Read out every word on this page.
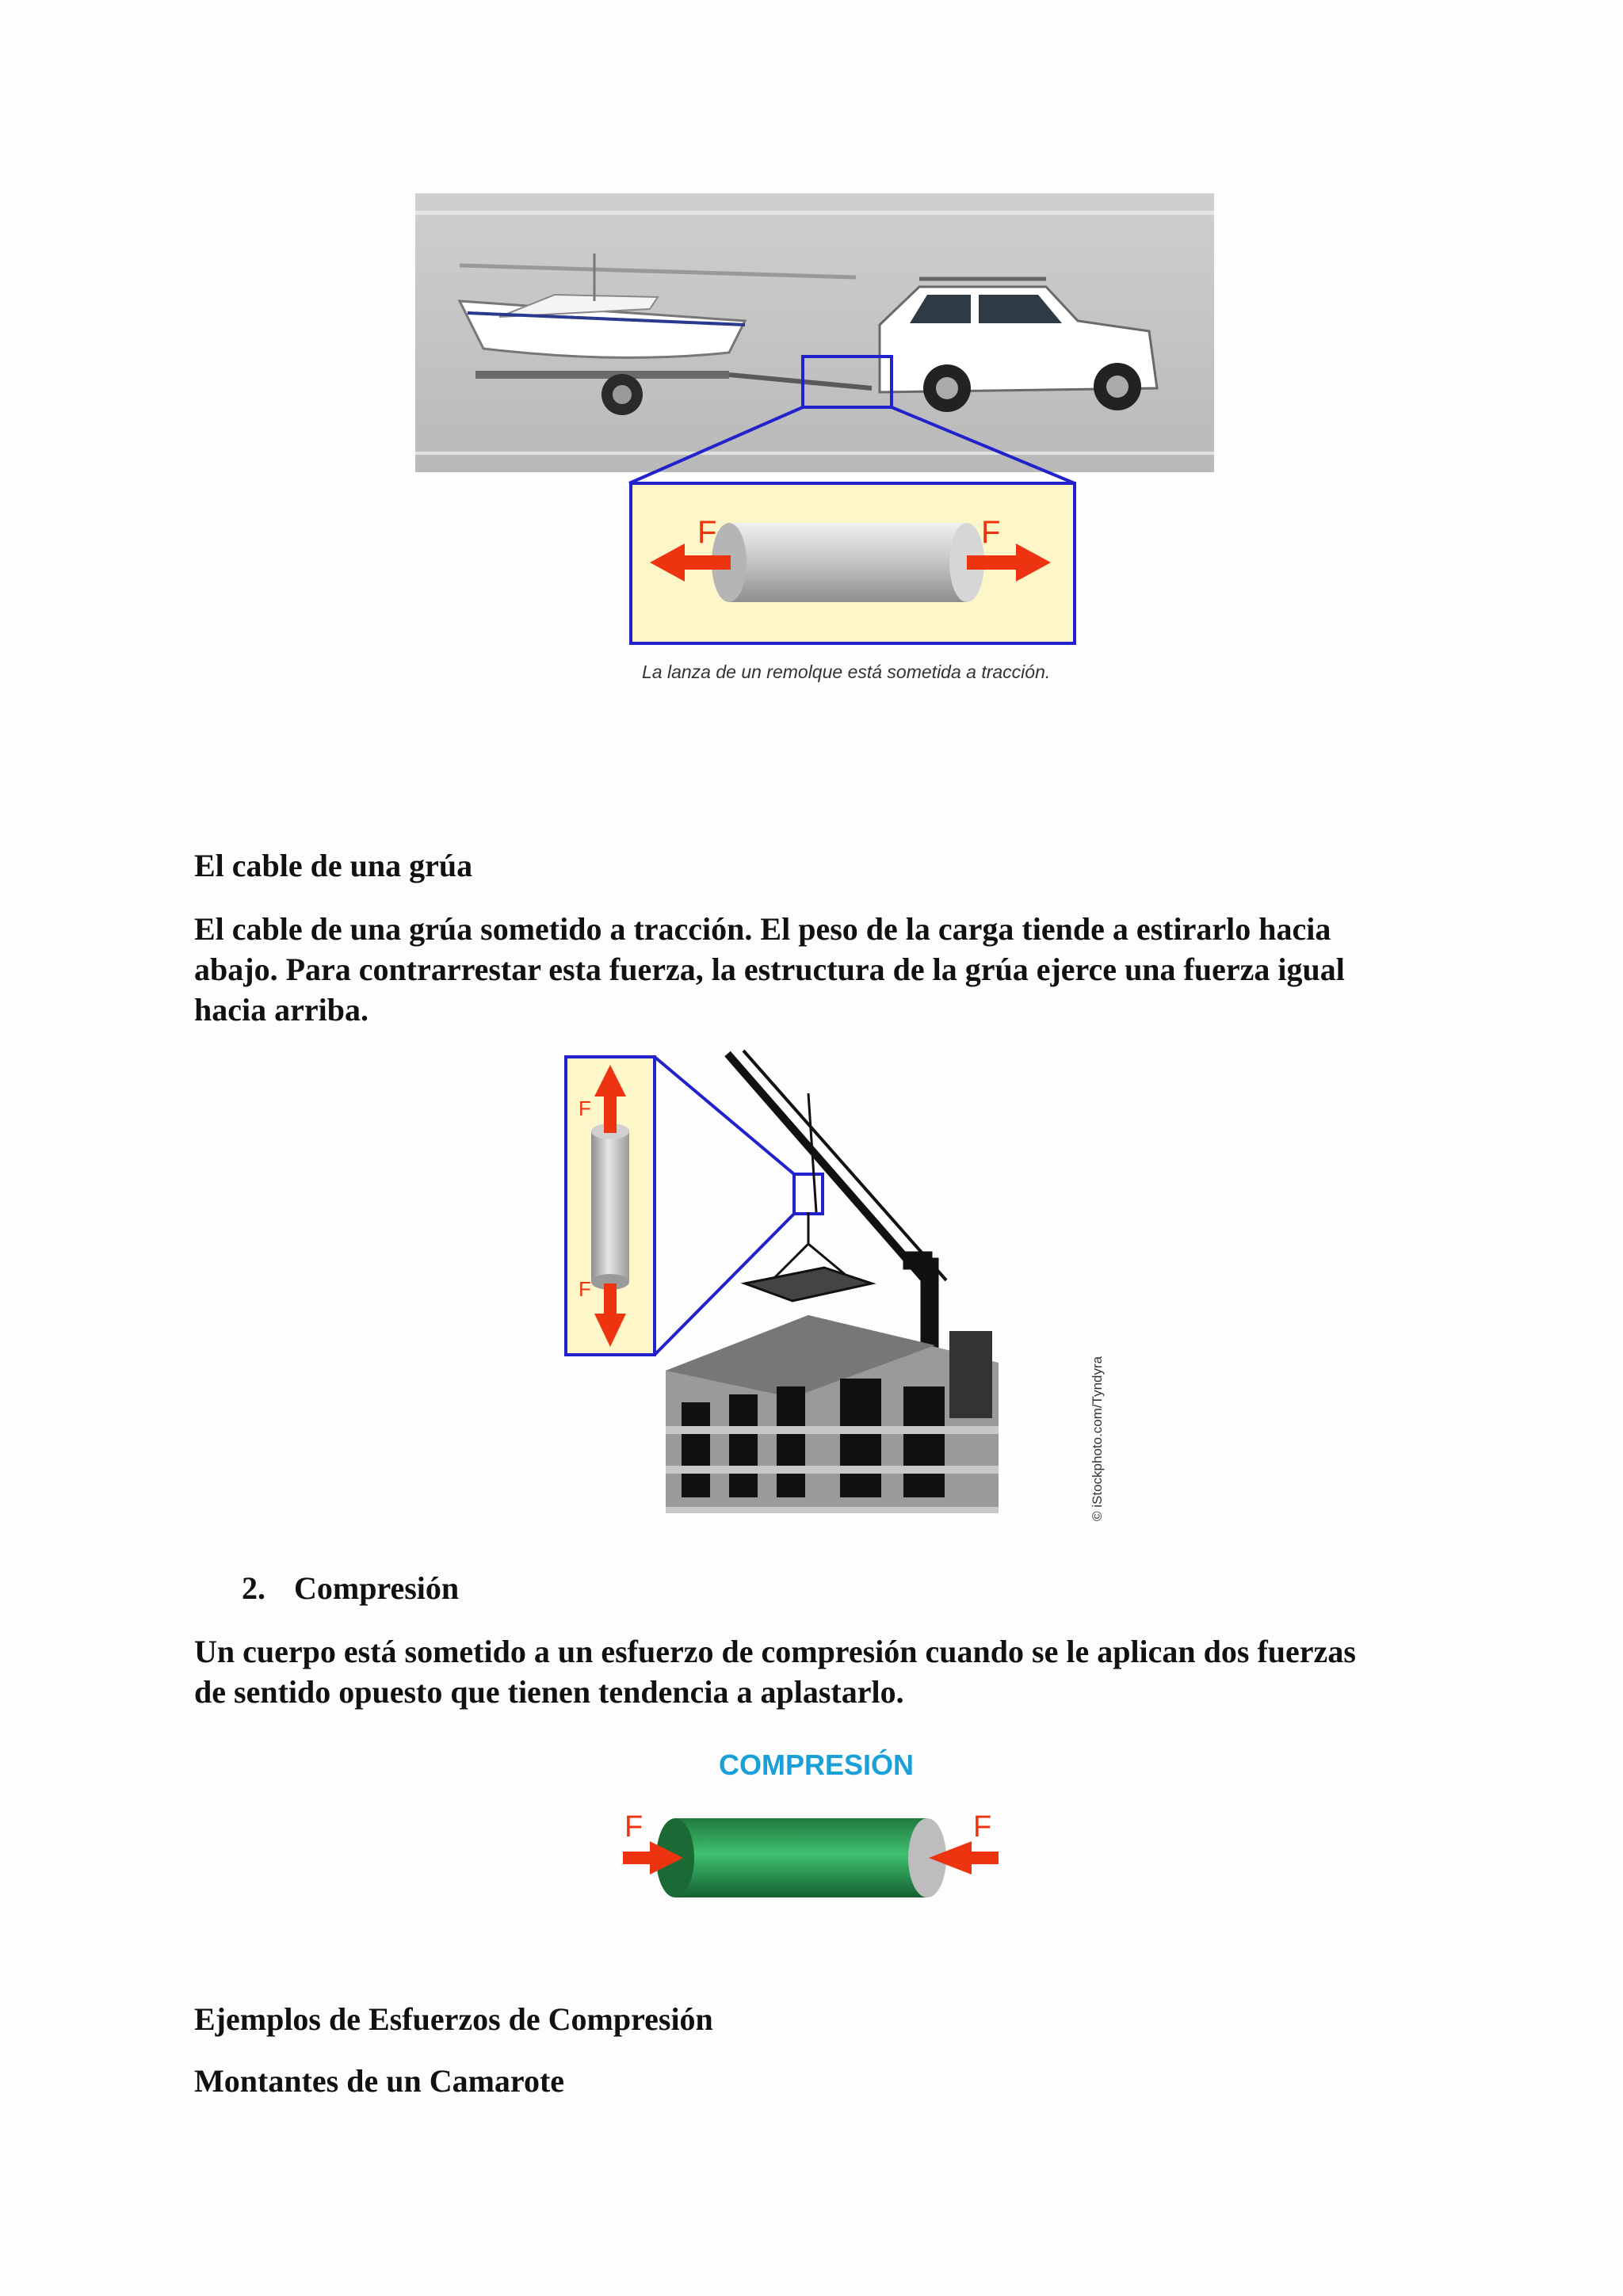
F	F
La lanza de un remolque está sometida a tracción.
El cable de una grúa
El cable de una grúa sometido a tracción. El peso de la carga tiende a estirarlo hacia
abajo. Para contrarrestar esta fuerza, la estructura de la grúa ejerce una fuerza igual
hacia arriba.
F
F
© iStockphoto.com/Tyndyra
2. Compresión
Un cuerpo está sometido a un esfuerzo de compresión cuando se le aplican dos fuerzas
de sentido opuesto que tienen tendencia a aplastarlo.
COMPRESIÓN
F	F
Ejemplos de Esfuerzos de Compresión
Montantes de un Camarote
